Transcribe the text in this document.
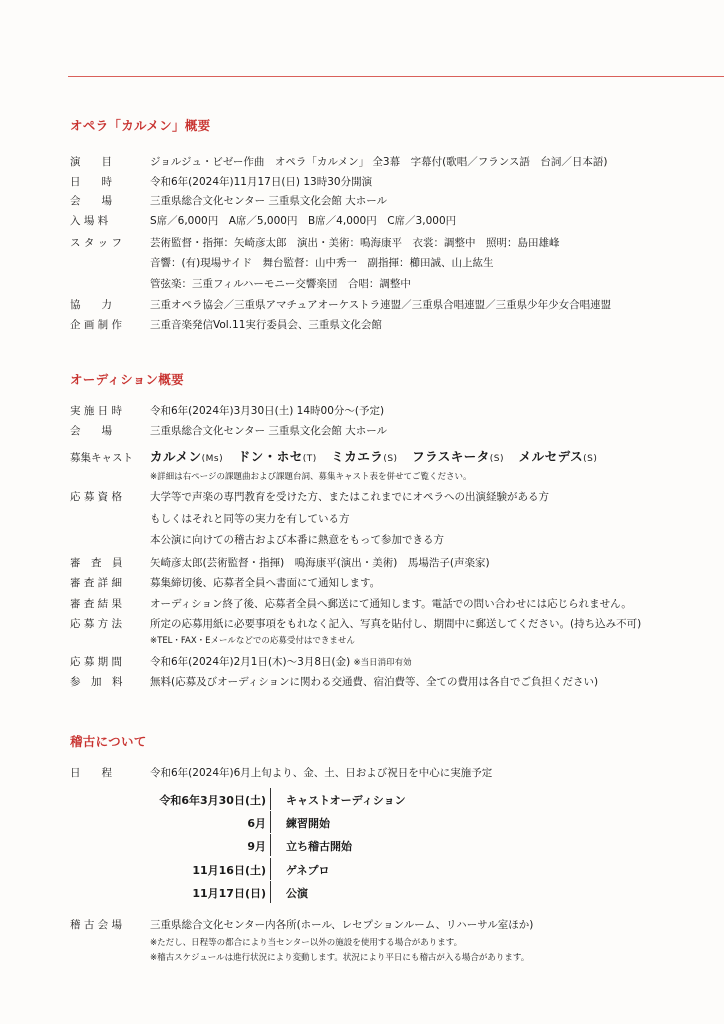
オペラ「カルメン」概要
演　　目	ジョルジュ・ビゼー作曲　オペラ「カルメン」 全3幕　字幕付(歌唱／フランス語　台詞／日本語)
日　　時	令和6年(2024年)11月17日(日) 13時30分開演
会　　場	三重県総合文化センター 三重県文化会館 大ホール
入 場 料	S席／6,000円　A席／5,000円　B席／4,000円　C席／3,000円
ス タ ッ フ	芸術監督・指揮：矢崎彦太郎　演出・美術：鳴海康平　衣裳：調整中　照明：島田雄峰
音響：(有)現場サイド　舞台監督：山中秀一　副指揮：櫛田誠、山上紘生
管弦楽：三重フィルハーモニー交響楽団　合唱：調整中
協　　力	三重オペラ協会／三重県アマチュアオーケストラ連盟／三重県合唱連盟／三重県少年少女合唱連盟
企 画 制 作	三重音楽発信Vol.11実行委員会、三重県文化会館
オーディション概要
実 施 日 時	令和6年(2024年)3月30日(土) 14時00分～(予定)
会　　場	三重県総合文化センター 三重県文化会館 大ホール
募集キャスト カルメン(Ms) ドン・ホセ(T) ミカエラ(S) フラスキータ(S) メルセデス(S)
※詳細は右ページの課題曲および課題台詞、募集キャスト表を併せてご覧ください。
応 募 資 格	大学等で声楽の専門教育を受けた方、またはこれまでにオペラへの出演経験がある方
もしくはそれと同等の実力を有している方
本公演に向けての稽古および本番に熱意をもって参加できる方
審　査　員	矢崎彦太郎(芸術監督・指揮)　鳴海康平(演出・美術)　馬場浩子(声楽家)
審 査 詳 細	募集締切後、応募者全員へ書面にて通知します。
審 査 結 果	オーディション終了後、応募者全員へ郵送にて通知します。電話での問い合わせには応じられません。
応 募 方 法	所定の応募用紙に必要事項をもれなく記入、写真を貼付し、期間中に郵送してください。(持ち込み不可)
※TEL・FAX・Eメールなどでの応募受付はできません
応 募 期 間	令和6年(2024年)2月1日(木)～3月8日(金) ※当日消印有効
参　加　料	無料(応募及びオーディションに関わる交通費、宿泊費等、全ての費用は各自でご負担ください)
稽古について
日　　程	令和6年(2024年)6月上旬より、金、土、日および祝日を中心に実施予定
令和6年3月30日(土) キャストオーディション
6月 練習開始
9月 立ち稽古開始
11月16日(土) ゲネプロ
11月17日(日) 公演
稽 古 会 場	三重県総合文化センター内各所(ホール、レセプションルーム、リハーサル室ほか)
※ただし、日程等の都合により当センター以外の施設を使用する場合があります。
※稽古スケジュールは進行状況により変動します。状況により平日にも稽古が入る場合があります。
